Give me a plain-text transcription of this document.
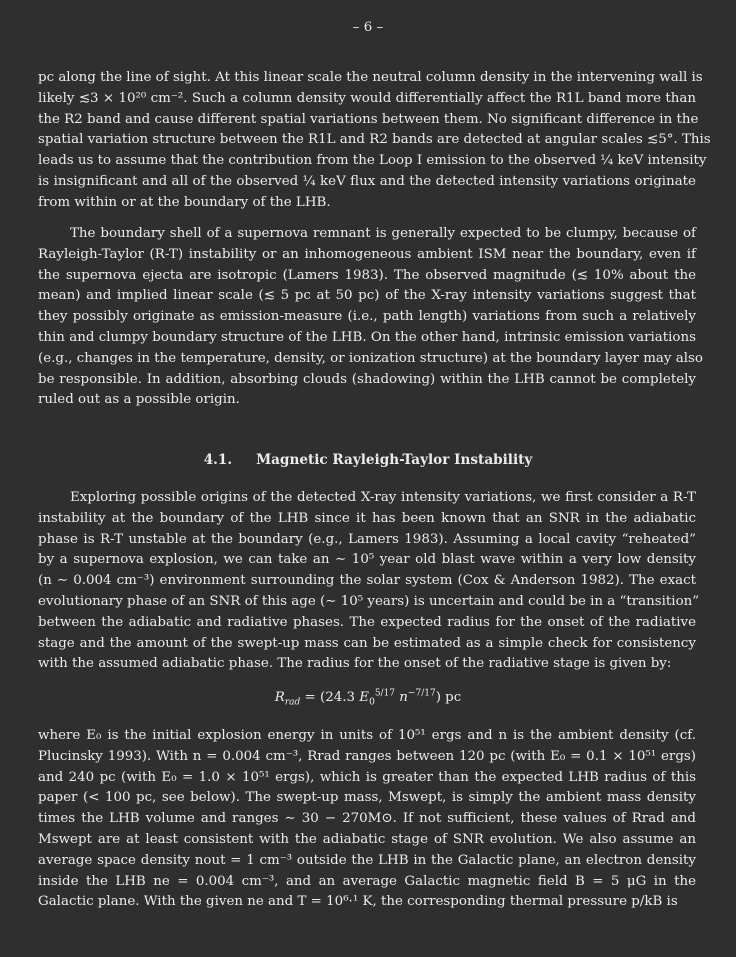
– 6 –
pc along the line of sight. At this linear scale the neutral column density in the intervening wall is
likely ≲3 × 10²⁰ cm⁻². Such a column density would differentially affect the R1L band more than
the R2 band and cause different spatial variations between them. No significant difference in the
spatial variation structure between the R1L and R2 bands are detected at angular scales ≲5°. This
leads us to assume that the contribution from the Loop I emission to the observed ¼ keV intensity
is insignificant and all of the observed ¼ keV flux and the detected intensity variations originate
from within or at the boundary of the LHB.
The boundary shell of a supernova remnant is generally expected to be clumpy, because of
Rayleigh-Taylor (R-T) instability or an inhomogeneous ambient ISM near the boundary, even if
the supernova ejecta are isotropic (Lamers 1983). The observed magnitude (≲ 10% about the
mean) and implied linear scale (≲ 5 pc at 50 pc) of the X-ray intensity variations suggest that
they possibly originate as emission-measure (i.e., path length) variations from such a relatively
thin and clumpy boundary structure of the LHB. On the other hand, intrinsic emission variations
(e.g., changes in the temperature, density, or ionization structure) at the boundary layer may also
be responsible. In addition, absorbing clouds (shadowing) within the LHB cannot be completely
ruled out as a possible origin.
4.1. Magnetic Rayleigh-Taylor Instability
Exploring possible origins of the detected X-ray intensity variations, we first consider a R-T
instability at the boundary of the LHB since it has been known that an SNR in the adiabatic
phase is R-T unstable at the boundary (e.g., Lamers 1983). Assuming a local cavity “reheated”
by a supernova explosion, we can take an ∼ 10⁵ year old blast wave within a very low density
(n ∼ 0.004 cm⁻³) environment surrounding the solar system (Cox & Anderson 1982). The exact
evolutionary phase of an SNR of this age (∼ 10⁵ years) is uncertain and could be in a “transition”
between the adiabatic and radiative phases. The expected radius for the onset of the radiative
stage and the amount of the swept-up mass can be estimated as a simple check for consistency
with the assumed adiabatic phase. The radius for the onset of the radiative stage is given by:
$R_{rad} = (24.3$ $E_0^{5/17}$ $n^{-7/17}$) pc
where E₀ is the initial explosion energy in units of 10⁵¹ ergs and n is the ambient density (cf.
Plucinsky 1993). With n = 0.004 cm⁻³, Rrad ranges between 120 pc (with E₀ = 0.1 × 10⁵¹ ergs)
and 240 pc (with E₀ = 1.0 × 10⁵¹ ergs), which is greater than the expected LHB radius of this
paper (< 100 pc, see below). The swept-up mass, Mswept, is simply the ambient mass density
times the LHB volume and ranges ∼ 30 − 270M⊙. If not sufficient, these values of Rrad and
Mswept are at least consistent with the adiabatic stage of SNR evolution. We also assume an
average space density nout = 1 cm⁻³ outside the LHB in the Galactic plane, an electron density
inside the LHB ne = 0.004 cm⁻³, and an average Galactic magnetic field B = 5 μG in the
Galactic plane. With the given ne and T = 10⁶·¹ K, the corresponding thermal pressure p/kB is
